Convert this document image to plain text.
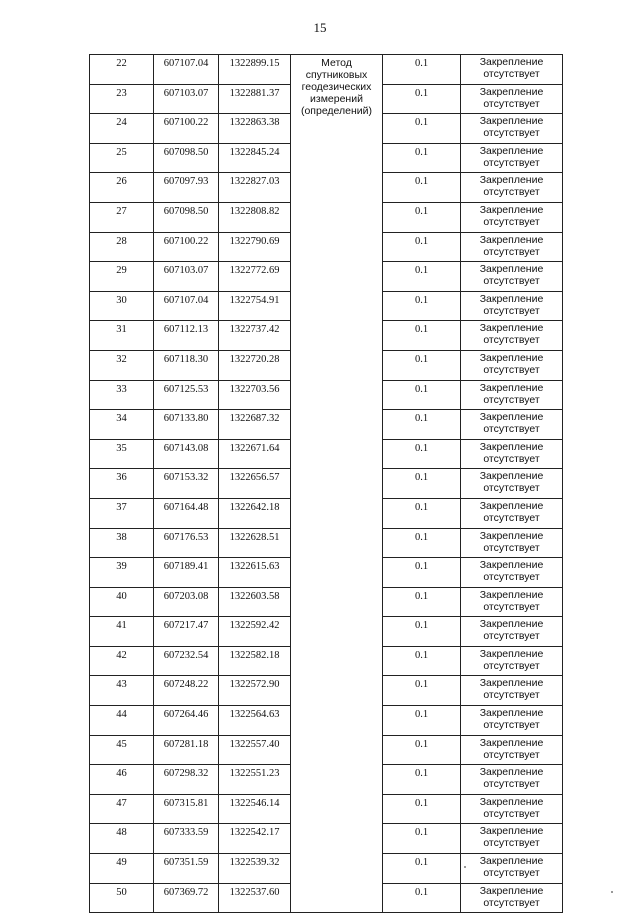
15
22	607107.04	1322899.15	Метод спутниковых геодезических измерений (определений)	0.1	Закрепление отсутствует
23	607103.07	1322881.37		0.1	Закрепление отсутствует
24	607100.22	1322863.38		0.1	Закрепление отсутствует
25	607098.50	1322845.24		0.1	Закрепление отсутствует
26	607097.93	1322827.03		0.1	Закрепление отсутствует
27	607098.50	1322808.82		0.1	Закрепление отсутствует
28	607100.22	1322790.69		0.1	Закрепление отсутствует
29	607103.07	1322772.69		0.1	Закрепление отсутствует
30	607107.04	1322754.91		0.1	Закрепление отсутствует
31	607112.13	1322737.42		0.1	Закрепление отсутствует
32	607118.30	1322720.28		0.1	Закрепление отсутствует
33	607125.53	1322703.56		0.1	Закрепление отсутствует
34	607133.80	1322687.32		0.1	Закрепление отсутствует
35	607143.08	1322671.64		0.1	Закрепление отсутствует
36	607153.32	1322656.57		0.1	Закрепление отсутствует
37	607164.48	1322642.18		0.1	Закрепление отсутствует
38	607176.53	1322628.51		0.1	Закрепление отсутствует
39	607189.41	1322615.63		0.1	Закрепление отсутствует
40	607203.08	1322603.58		0.1	Закрепление отсутствует
41	607217.47	1322592.42		0.1	Закрепление отсутствует
42	607232.54	1322582.18		0.1	Закрепление отсутствует
43	607248.22	1322572.90		0.1	Закрепление отсутствует
44	607264.46	1322564.63		0.1	Закрепление отсутствует
45	607281.18	1322557.40		0.1	Закрепление отсутствует
46	607298.32	1322551.23		0.1	Закрепление отсутствует
47	607315.81	1322546.14		0.1	Закрепление отсутствует
48	607333.59	1322542.17		0.1	Закрепление отсутствует
49	607351.59	1322539.32		0.1	Закрепление отсутствует
50	607369.72	1322537.60		0.1	Закрепление отсутствует
